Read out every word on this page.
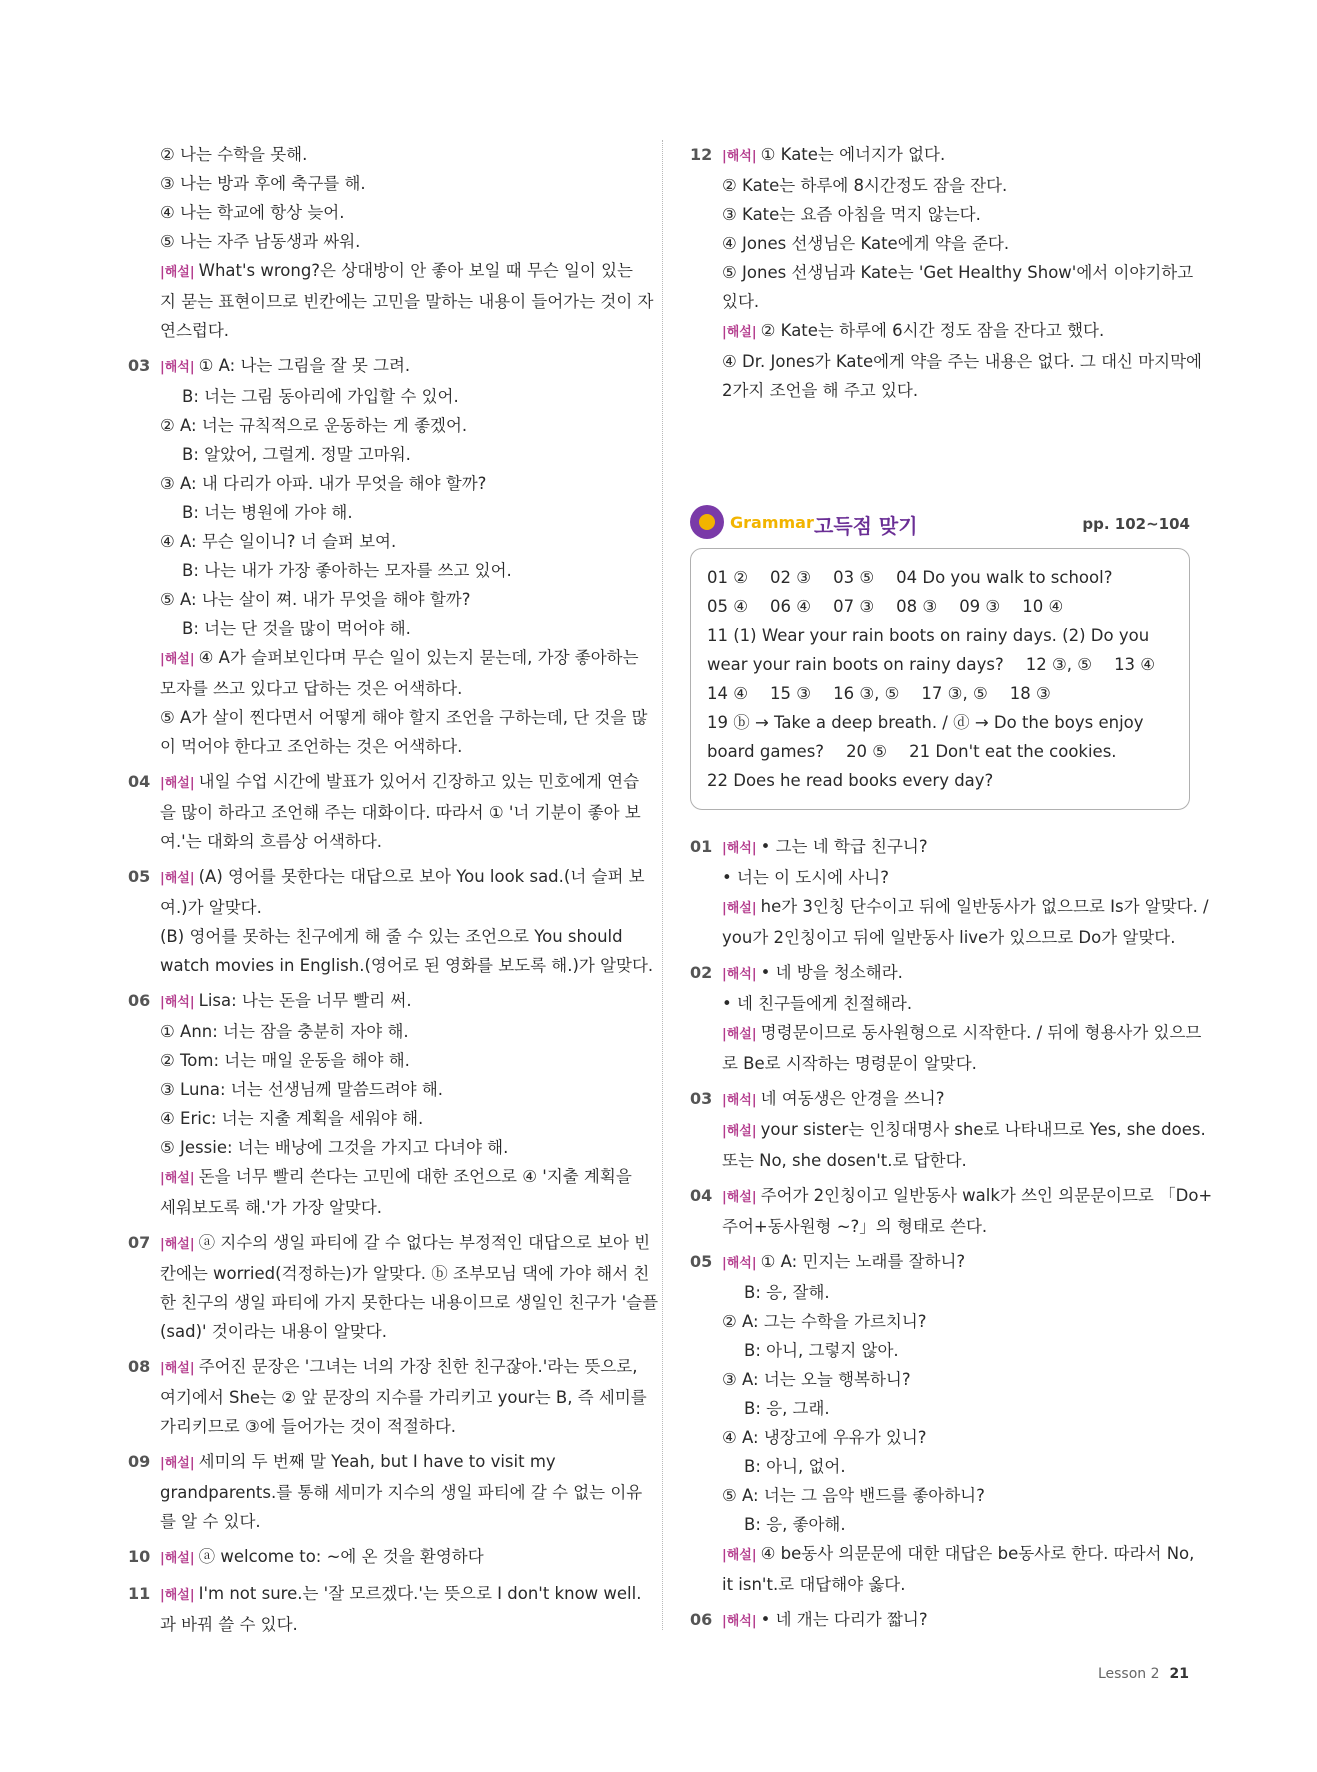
② 나는 수학을 못해.
③ 나는 방과 후에 축구를 해.
④ 나는 학교에 항상 늦어.
⑤ 나는 자주 남동생과 싸워.
|해설| What's wrong?은 상대방이 안 좋아 보일 때 무슨 일이 있는
지 묻는 표현이므로 빈칸에는 고민을 말하는 내용이 들어가는 것이 자
연스럽다.
03 |해석| ① A: 나는 그림을 잘 못 그려.
B: 너는 그림 동아리에 가입할 수 있어.
② A: 너는 규칙적으로 운동하는 게 좋겠어.
B: 알았어, 그럴게. 정말 고마워.
③ A: 내 다리가 아파. 내가 무엇을 해야 할까?
B: 너는 병원에 가야 해.
④ A: 무슨 일이니? 너 슬퍼 보여.
B: 나는 내가 가장 좋아하는 모자를 쓰고 있어.
⑤ A: 나는 살이 쪄. 내가 무엇을 해야 할까?
B: 너는 단 것을 많이 먹어야 해.
|해설| ④ A가 슬퍼보인다며 무슨 일이 있는지 묻는데, 가장 좋아하는
모자를 쓰고 있다고 답하는 것은 어색하다.
⑤ A가 살이 찐다면서 어떻게 해야 할지 조언을 구하는데, 단 것을 많
이 먹어야 한다고 조언하는 것은 어색하다.
04 |해설| 내일 수업 시간에 발표가 있어서 긴장하고 있는 민호에게 연습
을 많이 하라고 조언해 주는 대화이다. 따라서 ① '너 기분이 좋아 보
여.'는 대화의 흐름상 어색하다.
05 |해설| (A) 영어를 못한다는 대답으로 보아 You look sad.(너 슬퍼 보
여.)가 알맞다.
(B) 영어를 못하는 친구에게 해 줄 수 있는 조언으로 You should
watch movies in English.(영어로 된 영화를 보도록 해.)가 알맞다.
06 |해석| Lisa: 나는 돈을 너무 빨리 써.
① Ann: 너는 잠을 충분히 자야 해.
② Tom: 너는 매일 운동을 해야 해.
③ Luna: 너는 선생님께 말씀드려야 해.
④ Eric: 너는 지출 계획을 세워야 해.
⑤ Jessie: 너는 배낭에 그것을 가지고 다녀야 해.
|해설| 돈을 너무 빨리 쓴다는 고민에 대한 조언으로 ④ '지출 계획을
세워보도록 해.'가 가장 알맞다.
07 |해설| ⓐ 지수의 생일 파티에 갈 수 없다는 부정적인 대답으로 보아 빈
칸에는 worried(걱정하는)가 알맞다. ⓑ 조부모님 댁에 가야 해서 친
한 친구의 생일 파티에 가지 못한다는 내용이므로 생일인 친구가 '슬플
(sad)' 것이라는 내용이 알맞다.
08 |해설| 주어진 문장은 '그녀는 너의 가장 친한 친구잖아.'라는 뜻으로,
여기에서 She는 ② 앞 문장의 지수를 가리키고 your는 B, 즉 세미를
가리키므로 ③에 들어가는 것이 적절하다.
09 |해설| 세미의 두 번째 말 Yeah, but I have to visit my
grandparents.를 통해 세미가 지수의 생일 파티에 갈 수 없는 이유
를 알 수 있다.
10 |해설| ⓐ welcome to: ~에 온 것을 환영하다
11 |해설| I'm not sure.는 '잘 모르겠다.'는 뜻으로 I don't know well.
과 바꿔 쓸 수 있다.
12 |해석| ① Kate는 에너지가 없다.
② Kate는 하루에 8시간정도 잠을 잔다.
③ Kate는 요즘 아침을 먹지 않는다.
④ Jones 선생님은 Kate에게 약을 준다.
⑤ Jones 선생님과 Kate는 'Get Healthy Show'에서 이야기하고
있다.
|해설| ② Kate는 하루에 6시간 정도 잠을 잔다고 했다.
④ Dr. Jones가 Kate에게 약을 주는 내용은 없다. 그 대신 마지막에
2가지 조언을 해 주고 있다.
Grammar 고득점 맞기	pp. 102~104
01 ② 02 ③ 03 ⑤ 04 Do you walk to school?
05 ④ 06 ④ 07 ③ 08 ③ 09 ③ 10 ④
11 (1) Wear your rain boots on rainy days. (2) Do you
wear your rain boots on rainy days? 12 ③, ⑤ 13 ④
14 ④ 15 ③ 16 ③, ⑤ 17 ③, ⑤ 18 ③
19 ⓑ → Take a deep breath. / ⓓ → Do the boys enjoy
board games? 20 ⑤ 21 Don't eat the cookies.
22 Does he read books every day?
01 |해석| • 그는 네 학급 친구니?
• 너는 이 도시에 사니?
|해설| he가 3인칭 단수이고 뒤에 일반동사가 없으므로 Is가 알맞다. /
you가 2인칭이고 뒤에 일반동사 live가 있으므로 Do가 알맞다.
02 |해석| • 네 방을 청소해라.
• 네 친구들에게 친절해라.
|해설| 명령문이므로 동사원형으로 시작한다. / 뒤에 형용사가 있으므
로 Be로 시작하는 명령문이 알맞다.
03 |해석| 네 여동생은 안경을 쓰니?
|해설| your sister는 인칭대명사 she로 나타내므로 Yes, she does.
또는 No, she dosen't.로 답한다.
04 |해설| 주어가 2인칭이고 일반동사 walk가 쓰인 의문문이므로 「Do+
주어+동사원형 ~?」의 형태로 쓴다.
05 |해석| ① A: 민지는 노래를 잘하니?
B: 응, 잘해.
② A: 그는 수학을 가르치니?
B: 아니, 그렇지 않아.
③ A: 너는 오늘 행복하니?
B: 응, 그래.
④ A: 냉장고에 우유가 있니?
B: 아니, 없어.
⑤ A: 너는 그 음악 밴드를 좋아하니?
B: 응, 좋아해.
|해설| ④ be동사 의문문에 대한 대답은 be동사로 한다. 따라서 No,
it isn't.로 대답해야 옳다.
06 |해석| • 네 개는 다리가 짧니?
Lesson 2 21
